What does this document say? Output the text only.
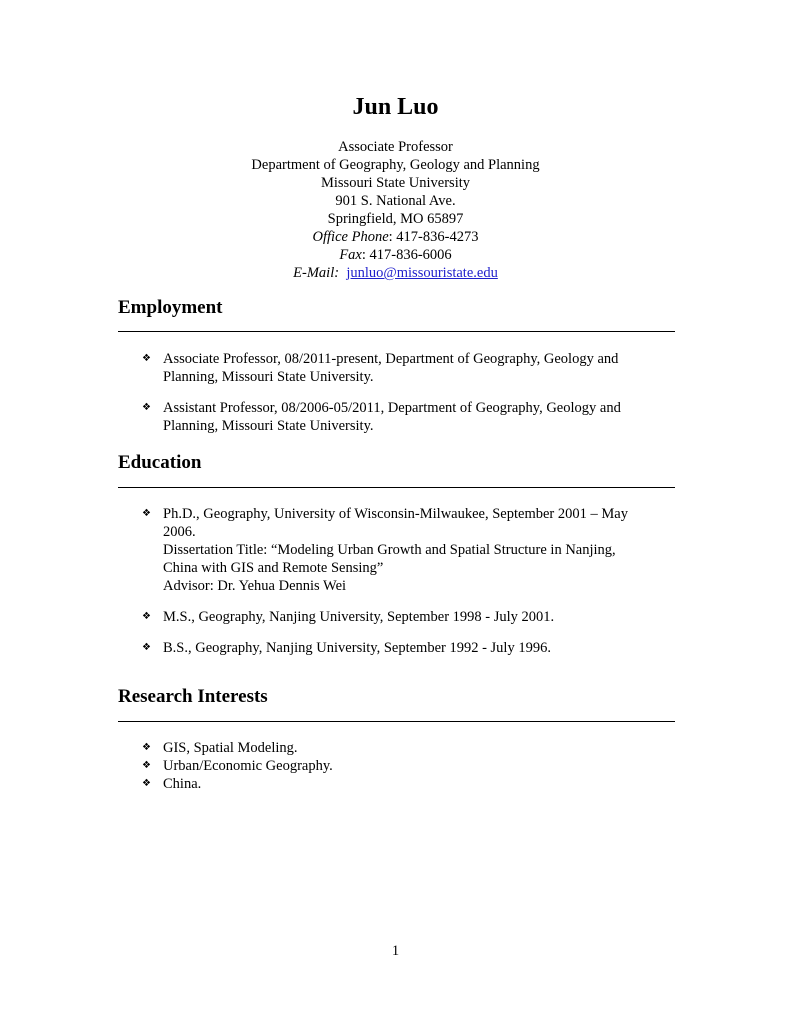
Jun Luo
Associate Professor
Department of Geography, Geology and Planning
Missouri State University
901 S. National Ave.
Springfield, MO 65897
Office Phone: 417-836-4273
Fax: 417-836-6006
E-Mail: junluo@missouristate.edu
Employment
❖ Associate Professor, 08/2011-present, Department of Geography, Geology and
Planning, Missouri State University.
❖ Assistant Professor, 08/2006-05/2011, Department of Geography, Geology and
Planning, Missouri State University.
Education
❖ Ph.D., Geography, University of Wisconsin-Milwaukee, September 2001 – May
2006.
Dissertation Title: “Modeling Urban Growth and Spatial Structure in Nanjing,
China with GIS and Remote Sensing”
Advisor: Dr. Yehua Dennis Wei
❖ M.S., Geography, Nanjing University, September 1998 - July 2001.
❖ B.S., Geography, Nanjing University, September 1992 - July 1996.
Research Interests
❖ GIS, Spatial Modeling.
❖ Urban/Economic Geography.
❖ China.
1
